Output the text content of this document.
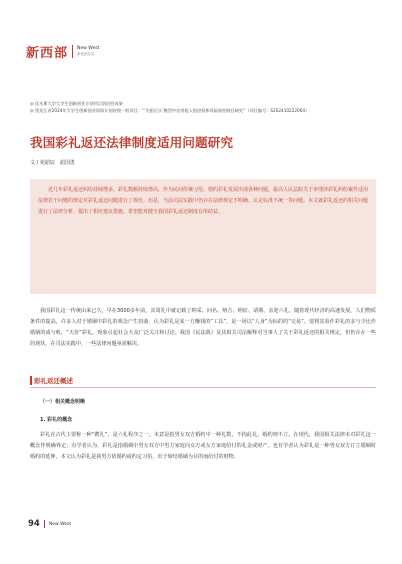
新西部 New West
新西部杂志
◎ 佳木斯大学大学生创新创业计划项目阶段性成果
◎ 黑龙江省2024年大学生创新创业训练计划省级一般项目：“‘先租后买’模型中农房租入租进权和风险防控路径研究”（项目编号：S202410222064）
我国彩礼返还法律制度适用问题研究
文 / 苑韶辰　韶国勇

近几年彩礼返还纠纷持续增多，彩礼数额持续增高。作为民间传统习俗，婚约彩礼发展出现各种问题。最高人民法院关于审理涉彩礼纠纷案件适用法律若干问题的规定对彩礼返还问题进行了规范。但是，当前司法实践中仍存在法律规定不明确、认定标准不统一等问题。本文就彩礼返还的相关问题进行了法律分析，提出了相应建议措施，希望能对健全我国彩礼返还制度有所助益。

我国彩礼这一传统由来已久，早在3000多年前，其周礼中就记载了纳采、问名、纳吉、纳征、请期、亲迎六礼。随着现代经济的高速发展，人们物质条件的提高，许多人对于婚姻中彩礼的观念产生扭曲，认为彩礼是某一方赚钱的“工具”，是一场以“人身”为标的的“交易”。要将其看作彩礼的多与少比作婚姻的成与败，“天价”彩礼，现象引起社会大众广泛关注和讨论。我国《民法典》及其相关司法解释对当事人了关于彩礼返还的相关规定，但仍存在一些的现状，在司法实践中，一些法律问题亟需解决。

彩礼返还概述
（一）相关概念明晰
1. 彩礼的概念

彩礼在古代主要称一种“聘礼”，是六礼程序之一，本意是指男女双方婚约中一种礼数，不拘此礼，婚约则不立。在现代，我国相关法律未对彩礼这一概念作明确界定；有学者认为，彩礼是指婚姻中男女双方中男方家庭向女方或女方家庭给付的礼金或财产。也有学者认为彩礼是一种男女双方订立婚姻时婚约的延伸，本文认为彩礼是我男方依婚约或约定习俗，出于缔结婚姻为目的而给付的财物。

94 New West
